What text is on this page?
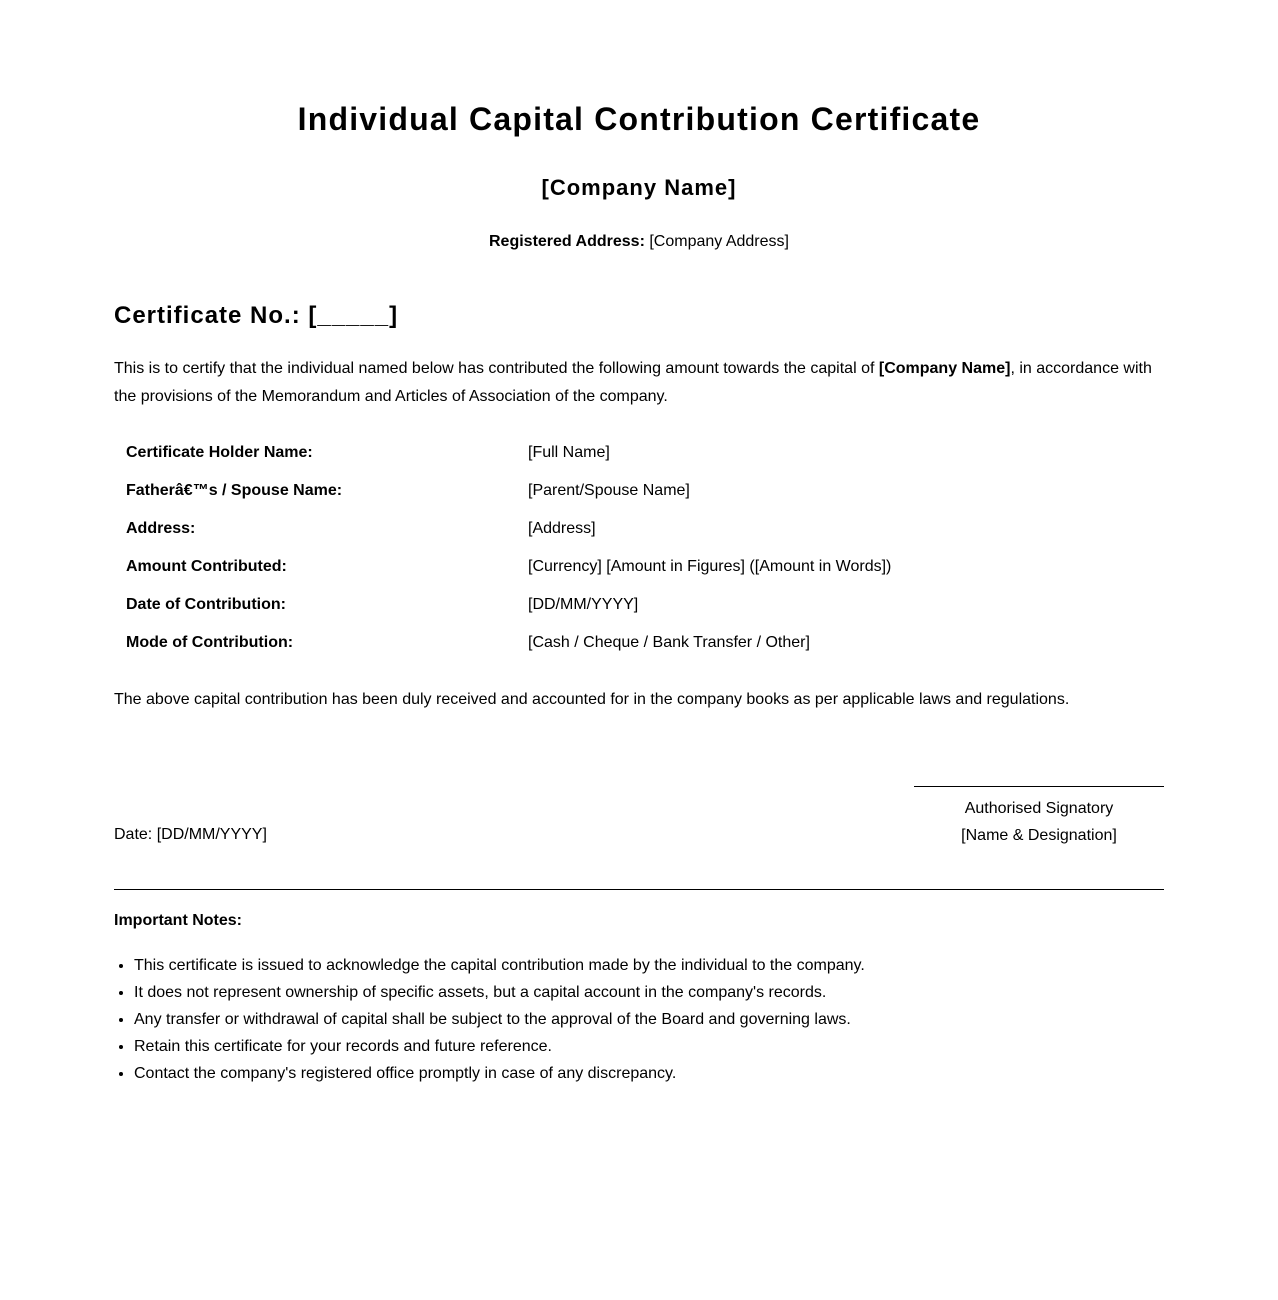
Individual Capital Contribution Certificate
[Company Name]
Registered Address: [Company Address]
Certificate No.: [_____]

This is to certify that the individual named below has contributed the following amount towards the capital of [Company Name], in accordance with the provisions of the Memorandum and Articles of Association of the company.

Certificate Holder Name:	[Full Name]
Fatherâ€™s / Spouse Name:	[Parent/Spouse Name]
Address:	[Address]
Amount Contributed:	[Currency] [Amount in Figures] ([Amount in Words])
Date of Contribution:	[DD/MM/YYYY]
Mode of Contribution:	[Cash / Cheque / Bank Transfer / Other]

The above capital contribution has been duly received and accounted for in the company books as per applicable laws and regulations.

Date: [DD/MM/YYYY]
Authorised Signatory
[Name & Designation]
Important Notes:
• This certificate is issued to acknowledge the capital contribution made by the individual to the company.
• It does not represent ownership of specific assets, but a capital account in the company's records.
• Any transfer or withdrawal of capital shall be subject to the approval of the Board and governing laws.
• Retain this certificate for your records and future reference.
• Contact the company's registered office promptly in case of any discrepancy.
